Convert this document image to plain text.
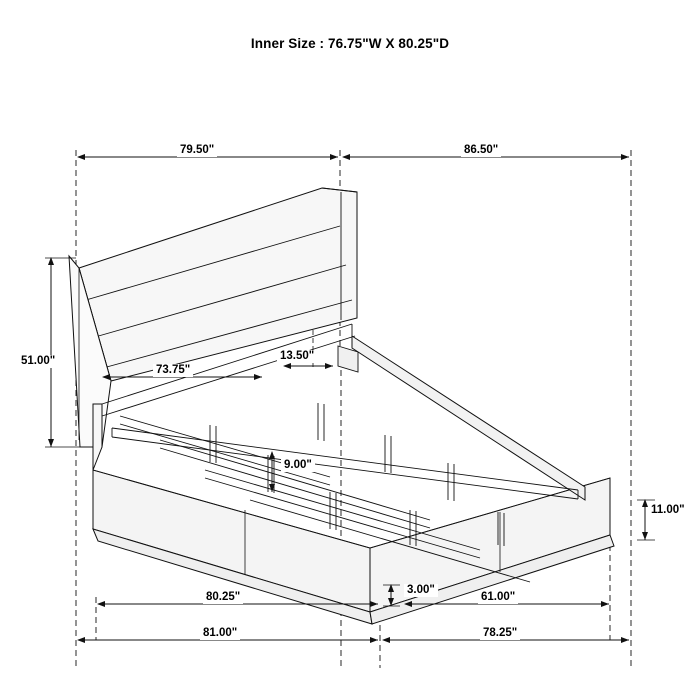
Inner Size : 76.75"W X 80.25"D
79.50"	86.50"
51.00"
73.75"
13.50"
9.00"
11.00"
3.00"
80.25"	61.00"
81.00"	78.25"
